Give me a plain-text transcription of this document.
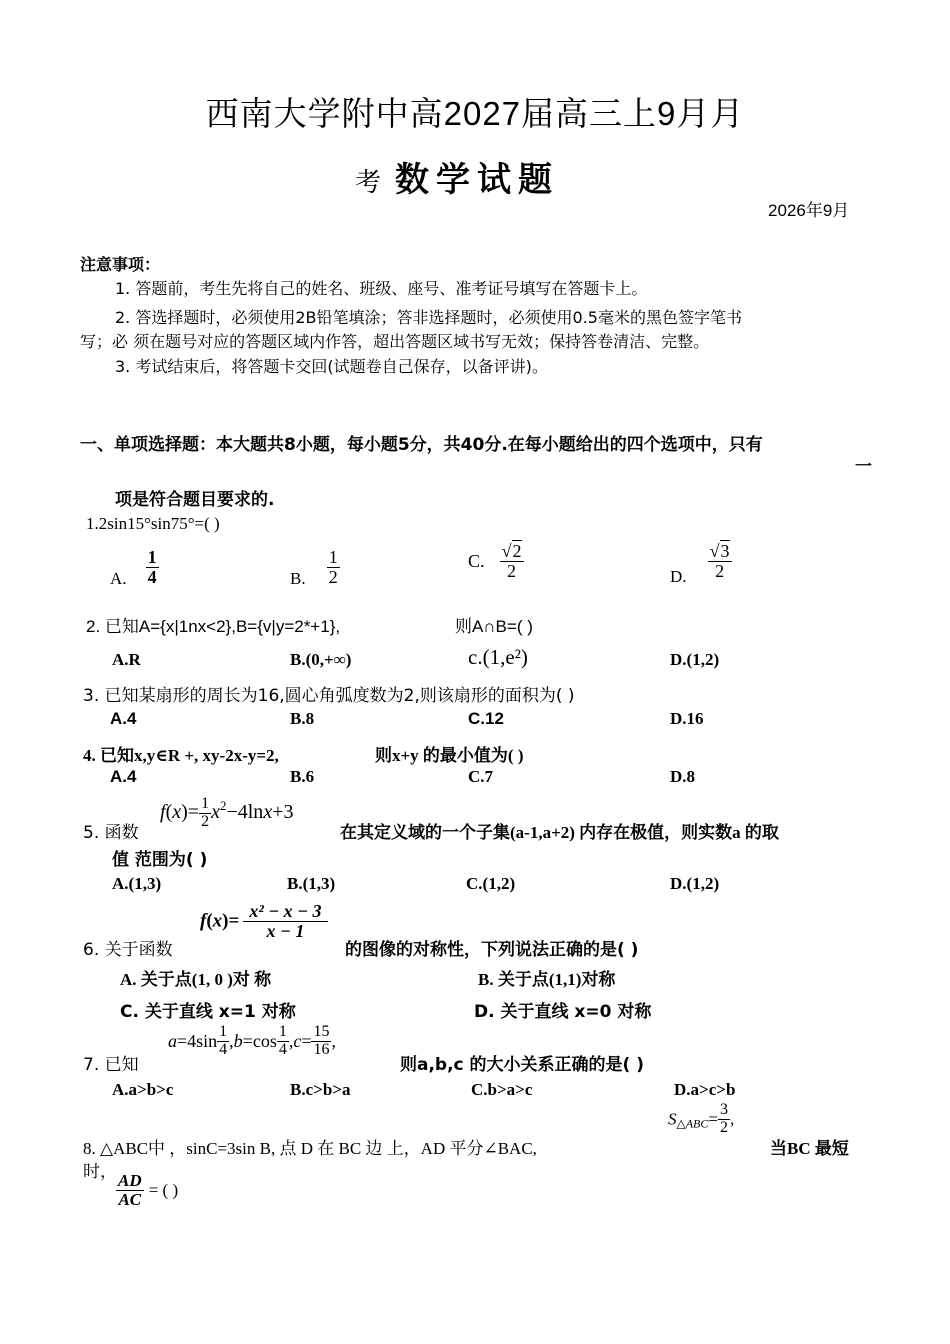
西南大学附中高2027届高三上9月月
考 数学试题
2026年9月
注意事项：
1. 答题前，考生先将自己的姓名、班级、座号、准考证号填写在答题卡上。
2. 答选择题时，必须使用2B铅笔填涂；答非选择题时，必须使用0.5毫米的黑色签字笔书
写；必 须在题号对应的答题区域内作答，超出答题区域书写无效；保持答卷清洁、完整。
3. 考试结束后，将答题卡交回(试题卷自己保存，以备评讲)。
一、单项选择题：本大题共8小题，每小题5分，共40分.在每小题给出的四个选项中，只有
一
项是符合题目要求的.
1.2sin15°sin75°=( )
A. $\frac{1}{4}$	B. $\frac{1}{2}$	C. $\frac{√2}{2}$	D. $\frac{√3}{2}$
2. 已知A={x|1nx<2},B={v|y=2*+1},	则A∩B=( )
A.R	B.(0,+∞)	c.(1,e²)	D.(1,2)
3. 已知某扇形的周长为16,圆心角弧度数为2,则该扇形的面积为( )
A.4	B.8	C.12	D.16
4. 已知x,y∈R +, xy-2x-y=2,	则x+y 的最小值为( )
A.4	B.6	C.7	D.8
5. 函数
$f(x)= \frac{1}{2} x^2-4\ln x+3$
在其定义域的一个子集(a-1,a+2) 内存在极值，则实数a 的取
值 范围为( )
A.(1,3)	B.(1,3)	C.(1,2)	D.(1,2)
6. 关于函数
$f(x)= \frac{\text{x² − x − 3}}{x - 1}$
的图像的对称性，下列说法正确的是( )
A. 关于点(1, 0 )对 称	B. 关于点(1,1)对称
C. 关于直线 x=1 对称	D. 关于直线 x=0 对称
7. 已知
$a=4\sin \frac{1}{4} ,b=\cos \frac{1}{4} ,c= \frac{15}{16}$ ,
则a,b,c 的大小关系正确的是( )
A.a>b>c	B.c>b>a	C.b>a>c	D.a>c>b
8. △ABC中 ，sinC=3sin B, 点 D 在 BC 边 上，AD 平分∠BAC,
$S_{\triangle ABC}= \frac{3}{2}$ ,
当BC 最短
时， $\frac{AD}{AC}$ = ( )
